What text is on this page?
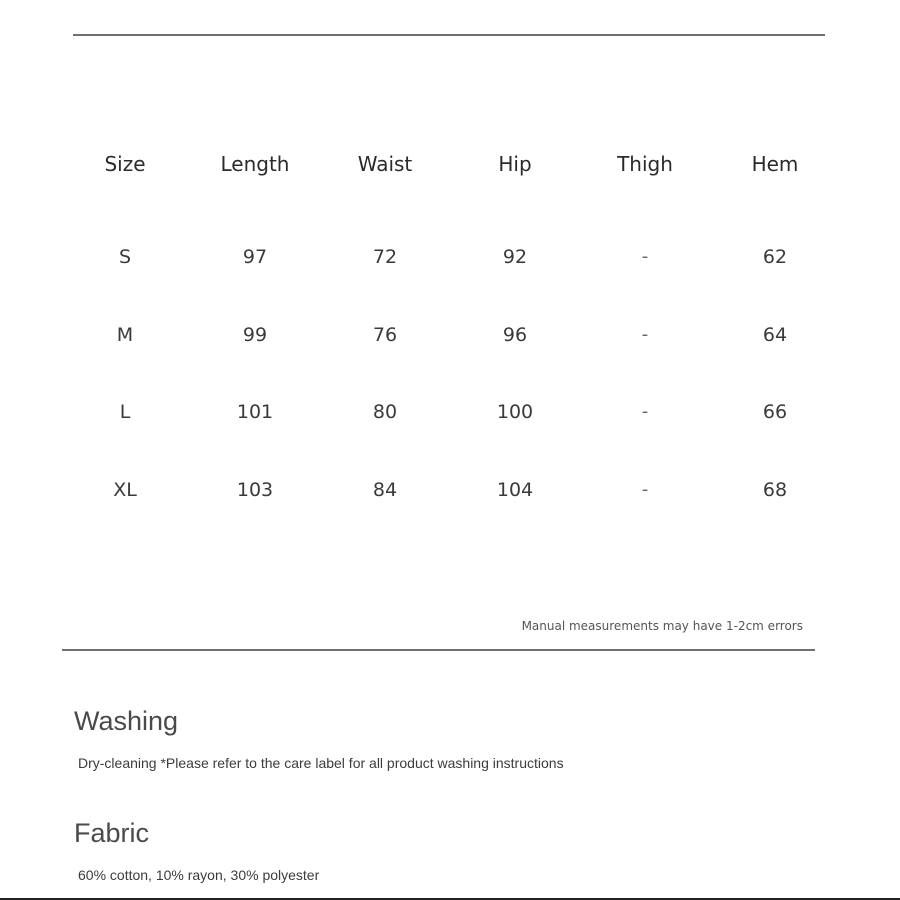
Size	Length	Waist	Hip	Thigh	Hem
S	97	72	92	-	62
M	99	76	96	-	64
L	101	80	100	-	66
XL	103	84	104	-	68
Manual measurements may have 1-2cm errors
Washing
Dry-cleaning *Please refer to the care label for all product washing instructions
Fabric
60% cotton, 10% rayon, 30% polyester
